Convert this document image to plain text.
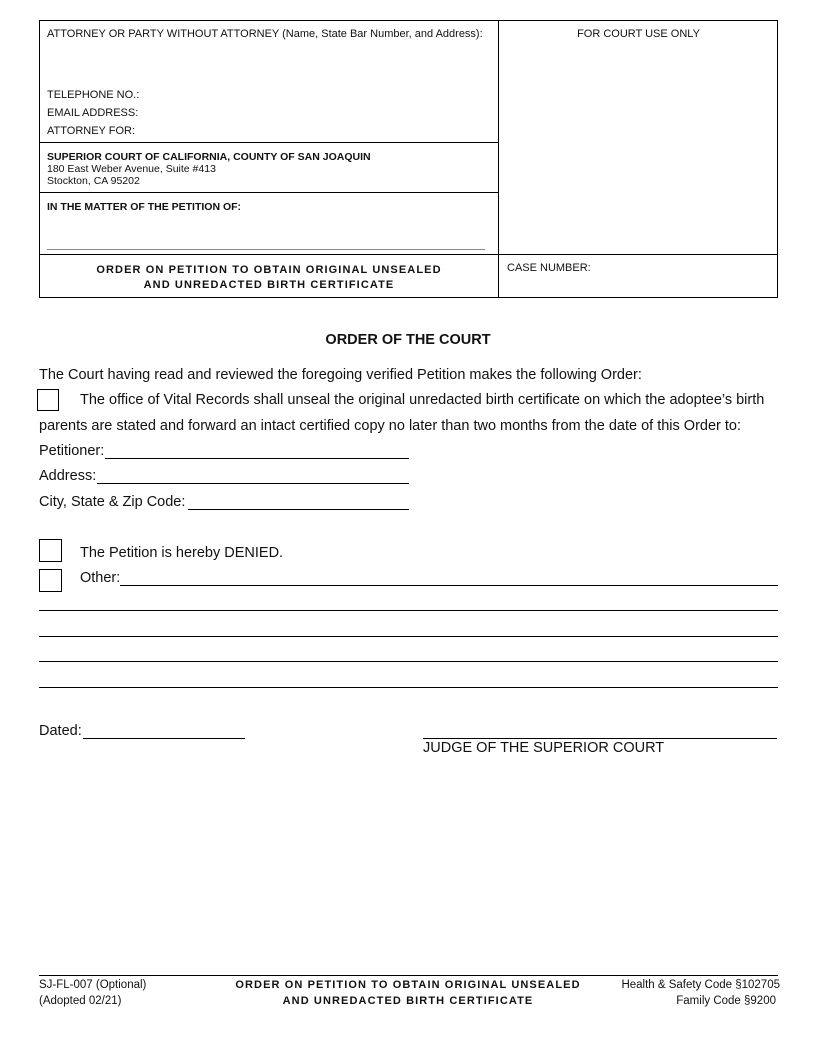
ATTORNEY OR PARTY WITHOUT ATTORNEY (Name, State Bar Number, and Address):	FOR COURT USE ONLY
TELEPHONE NO.:
EMAIL ADDRESS:
ATTORNEY FOR:
SUPERIOR COURT OF CALIFORNIA, COUNTY OF SAN JOAQUIN
180 East Weber Avenue, Suite #413
Stockton, CA 95202
IN THE MATTER OF THE PETITION OF:
ORDER ON PETITION TO OBTAIN ORIGINAL UNSEALED
AND UNREDACTED BIRTH CERTIFICATE
CASE NUMBER:
ORDER OF THE COURT
The Court having read and reviewed the foregoing verified Petition makes the following Order:
The office of Vital Records shall unseal the original unredacted birth certificate on which the adoptee’s birth
parents are stated and forward an intact certified copy no later than two months from the date of this Order to:
Petitioner:
Address:
City, State & Zip Code:
The Petition is hereby DENIED.
Other:
Dated:
JUDGE OF THE SUPERIOR COURT
SJ-FL-007 (Optional)
(Adopted 02/21)
ORDER ON PETITION TO OBTAIN ORIGINAL UNSEALED
AND UNREDACTED BIRTH CERTIFICATE
Health & Safety Code §102705
Family Code §9200
